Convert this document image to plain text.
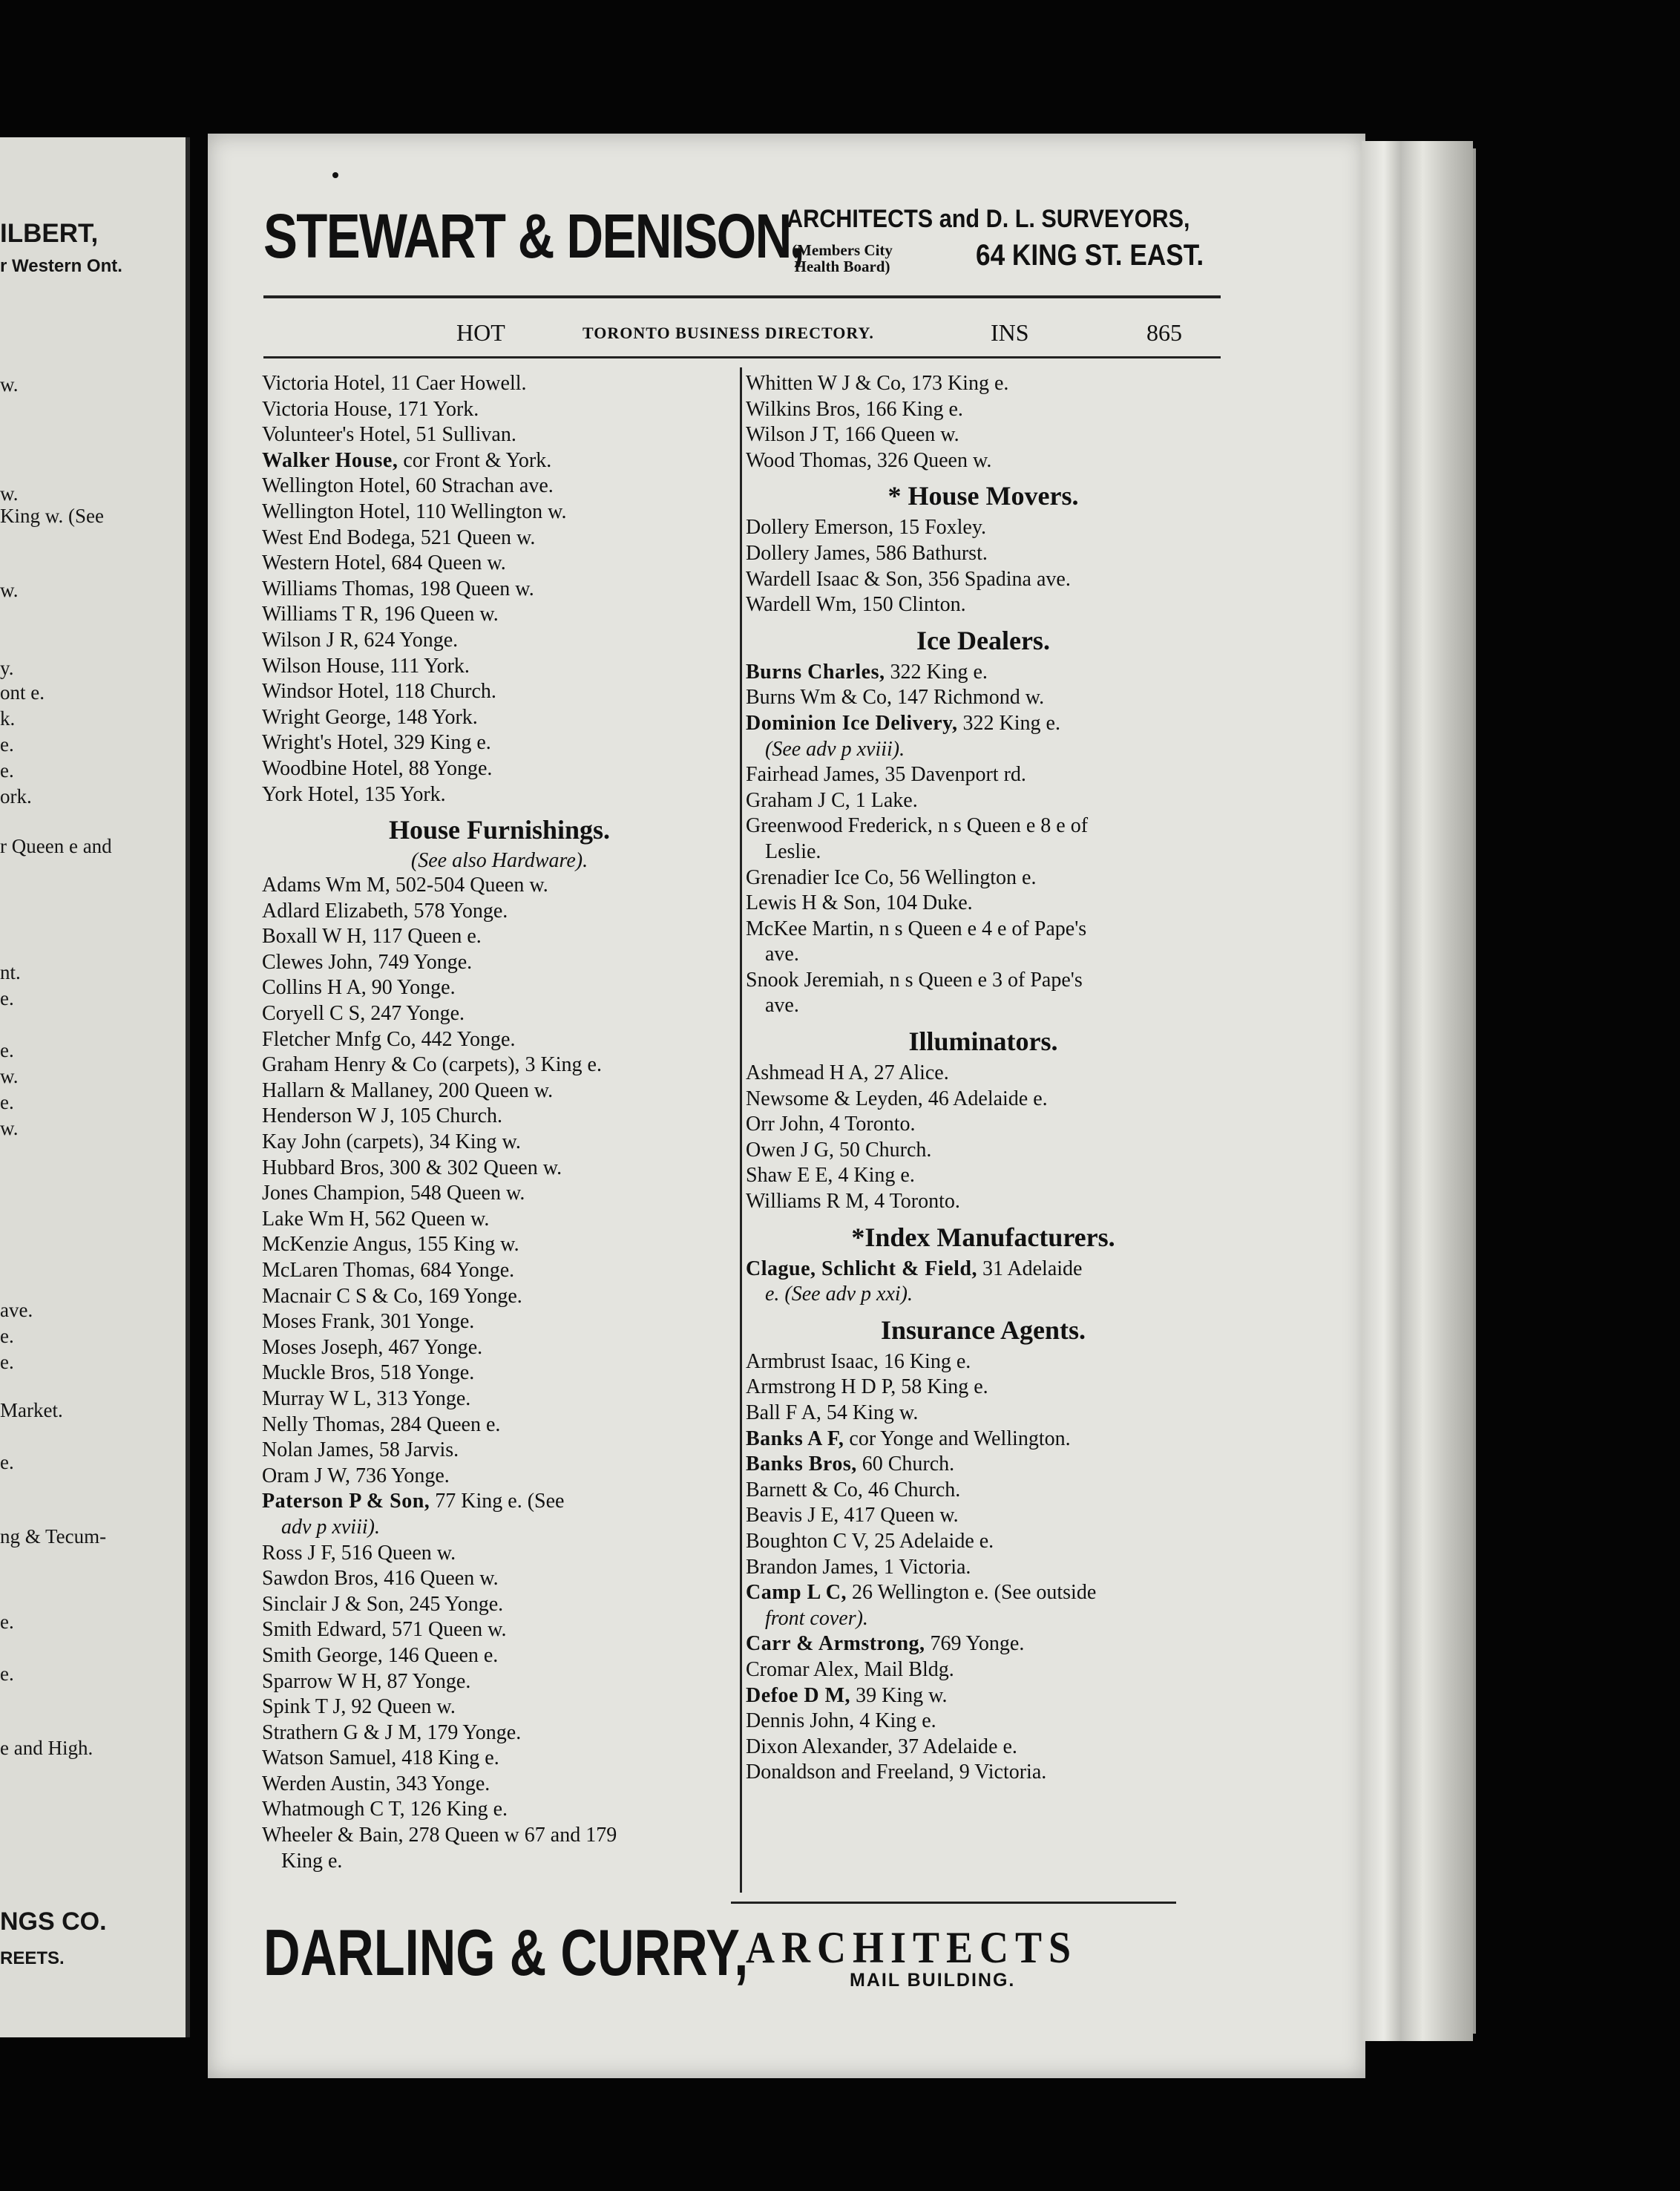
ILBERT,
r Western Ont.
w.
w.
King w. (See
w.
y.
ont e.
k.
e.
e.
ork.
r Queen e and
nt.
e.
e.
w.
e.
w.
ave.
e.
e.
Market.
e.
ng & Tecum-
e.
e.
e and High.
NGS CO.
REETS.
STEWART & DENISON,
ARCHITECTS and D. L. SURVEYORS,
(Members City Health Board)	64 KING ST. EAST.
HOT	TORONTO BUSINESS DIRECTORY.	INS	865
Victoria Hotel, 11 Caer Howell.
Victoria House, 171 York.
Volunteer's Hotel, 51 Sullivan.
Walker House, cor Front & York.
Wellington Hotel, 60 Strachan ave.
Wellington Hotel, 110 Wellington w.
West End Bodega, 521 Queen w.
Western Hotel, 684 Queen w.
Williams Thomas, 198 Queen w.
Williams T R, 196 Queen w.
Wilson J R, 624 Yonge.
Wilson House, 111 York.
Windsor Hotel, 118 Church.
Wright George, 148 York.
Wright's Hotel, 329 King e.
Woodbine Hotel, 88 Yonge.
York Hotel, 135 York.
House Furnishings.
(See also Hardware).
Adams Wm M, 502-504 Queen w.
Adlard Elizabeth, 578 Yonge.
Boxall W H, 117 Queen e.
Clewes John, 749 Yonge.
Collins H A, 90 Yonge.
Coryell C S, 247 Yonge.
Fletcher Mnfg Co, 442 Yonge.
Graham Henry & Co (carpets), 3 King e.
Hallarn & Mallaney, 200 Queen w.
Henderson W J, 105 Church.
Kay John (carpets), 34 King w.
Hubbard Bros, 300 & 302 Queen w.
Jones Champion, 548 Queen w.
Lake Wm H, 562 Queen w.
McKenzie Angus, 155 King w.
McLaren Thomas, 684 Yonge.
Macnair C S & Co, 169 Yonge.
Moses Frank, 301 Yonge.
Moses Joseph, 467 Yonge.
Muckle Bros, 518 Yonge.
Murray W L, 313 Yonge.
Nelly Thomas, 284 Queen e.
Nolan James, 58 Jarvis.
Oram J W, 736 Yonge.
Paterson P & Son, 77 King e. (See
adv p xviii).
Ross J F, 516 Queen w.
Sawdon Bros, 416 Queen w.
Sinclair J & Son, 245 Yonge.
Smith Edward, 571 Queen w.
Smith George, 146 Queen e.
Sparrow W H, 87 Yonge.
Spink T J, 92 Queen w.
Strathern G & J M, 179 Yonge.
Watson Samuel, 418 King e.
Werden Austin, 343 Yonge.
Whatmough C T, 126 King e.
Wheeler & Bain, 278 Queen w 67 and 179
King e.
Whitten W J & Co, 173 King e.
Wilkins Bros, 166 King e.
Wilson J T, 166 Queen w.
Wood Thomas, 326 Queen w.
* House Movers.
Dollery Emerson, 15 Foxley.
Dollery James, 586 Bathurst.
Wardell Isaac & Son, 356 Spadina ave.
Wardell Wm, 150 Clinton.
Ice Dealers.
Burns Charles, 322 King e.
Burns Wm & Co, 147 Richmond w.
Dominion Ice Delivery, 322 King e.
(See adv p xviii).
Fairhead James, 35 Davenport rd.
Graham J C, 1 Lake.
Greenwood Frederick, n s Queen e 8 e of
Leslie.
Grenadier Ice Co, 56 Wellington e.
Lewis H & Son, 104 Duke.
McKee Martin, n s Queen e 4 e of Pape's
ave.
Snook Jeremiah, n s Queen e 3 of Pape's
ave.
Illuminators.
Ashmead H A, 27 Alice.
Newsome & Leyden, 46 Adelaide e.
Orr John, 4 Toronto.
Owen J G, 50 Church.
Shaw E E, 4 King e.
Williams R M, 4 Toronto.
*Index Manufacturers.
Clague, Schlicht & Field, 31 Adelaide
e. (See adv p xxi).
Insurance Agents.
Armbrust Isaac, 16 King e.
Armstrong H D P, 58 King e.
Ball F A, 54 King w.
Banks A F, cor Yonge and Wellington.
Banks Bros, 60 Church.
Barnett & Co, 46 Church.
Beavis J E, 417 Queen w.
Boughton C V, 25 Adelaide e.
Brandon James, 1 Victoria.
Camp L C, 26 Wellington e. (See outside
front cover).
Carr & Armstrong, 769 Yonge.
Cromar Alex, Mail Bldg.
Defoe D M, 39 King w.
Dennis John, 4 King e.
Dixon Alexander, 37 Adelaide e.
Donaldson and Freeland, 9 Victoria.
DARLING & CURRY,
ARCHITECTS
MAIL BUILDING.
